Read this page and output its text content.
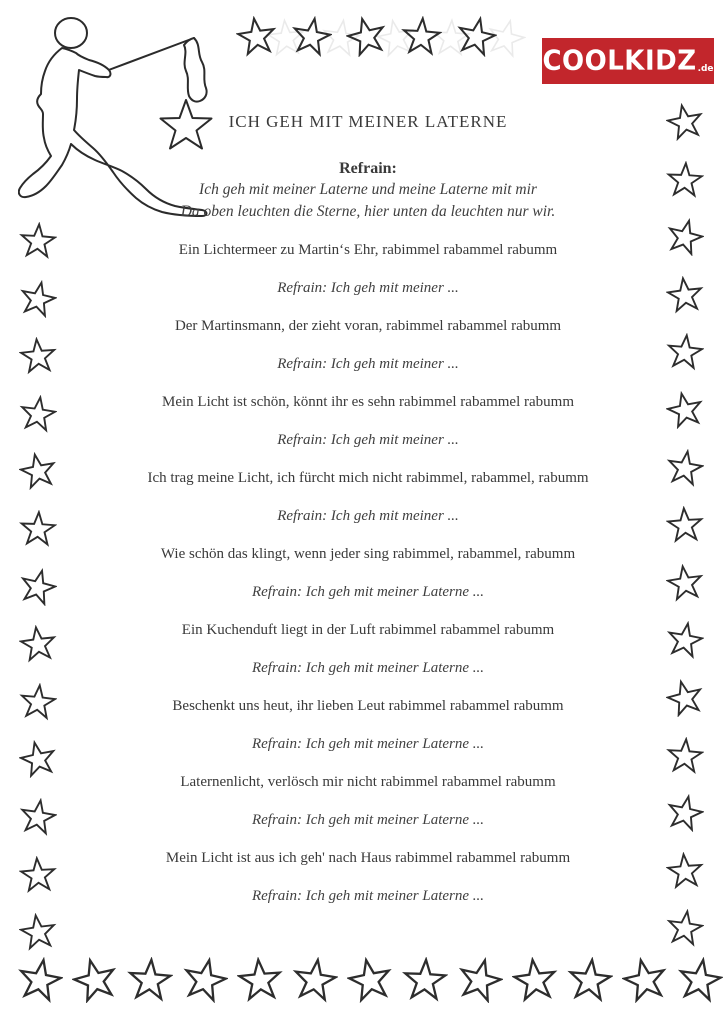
COOLKIDZ .de
ICH GEH MIT MEINER LATERNE
Refrain:
Ich geh mit meiner Laterne und meine Laterne mit mir
Da oben leuchten die Sterne, hier unten da leuchten nur wir.
Ein Lichtermeer zu Martin‘s Ehr, rabimmel rabammel rabumm
Refrain: Ich geh mit meiner ...
Der Martinsmann, der zieht voran, rabimmel rabammel rabumm
Refrain: Ich geh mit meiner ...
Mein Licht ist schön, könnt ihr es sehn rabimmel rabammel rabumm
Refrain: Ich geh mit meiner ...
Ich trag meine Licht, ich fürcht mich nicht rabimmel, rabammel, rabumm
Refrain: Ich geh mit meiner ...
Wie schön das klingt, wenn jeder sing rabimmel, rabammel, rabumm
Refrain: Ich geh mit meiner Laterne ...
Ein Kuchenduft liegt in der Luft rabimmel rabammel rabumm
Refrain: Ich geh mit meiner Laterne ...
Beschenkt uns heut, ihr lieben Leut rabimmel rabammel rabumm
Refrain: Ich geh mit meiner Laterne ...
Laternenlicht, verlösch mir nicht rabimmel rabammel rabumm
Refrain: Ich geh mit meiner Laterne ...
Mein Licht ist aus ich geh' nach Haus rabimmel rabammel rabumm
Refrain: Ich geh mit meiner Laterne ...
